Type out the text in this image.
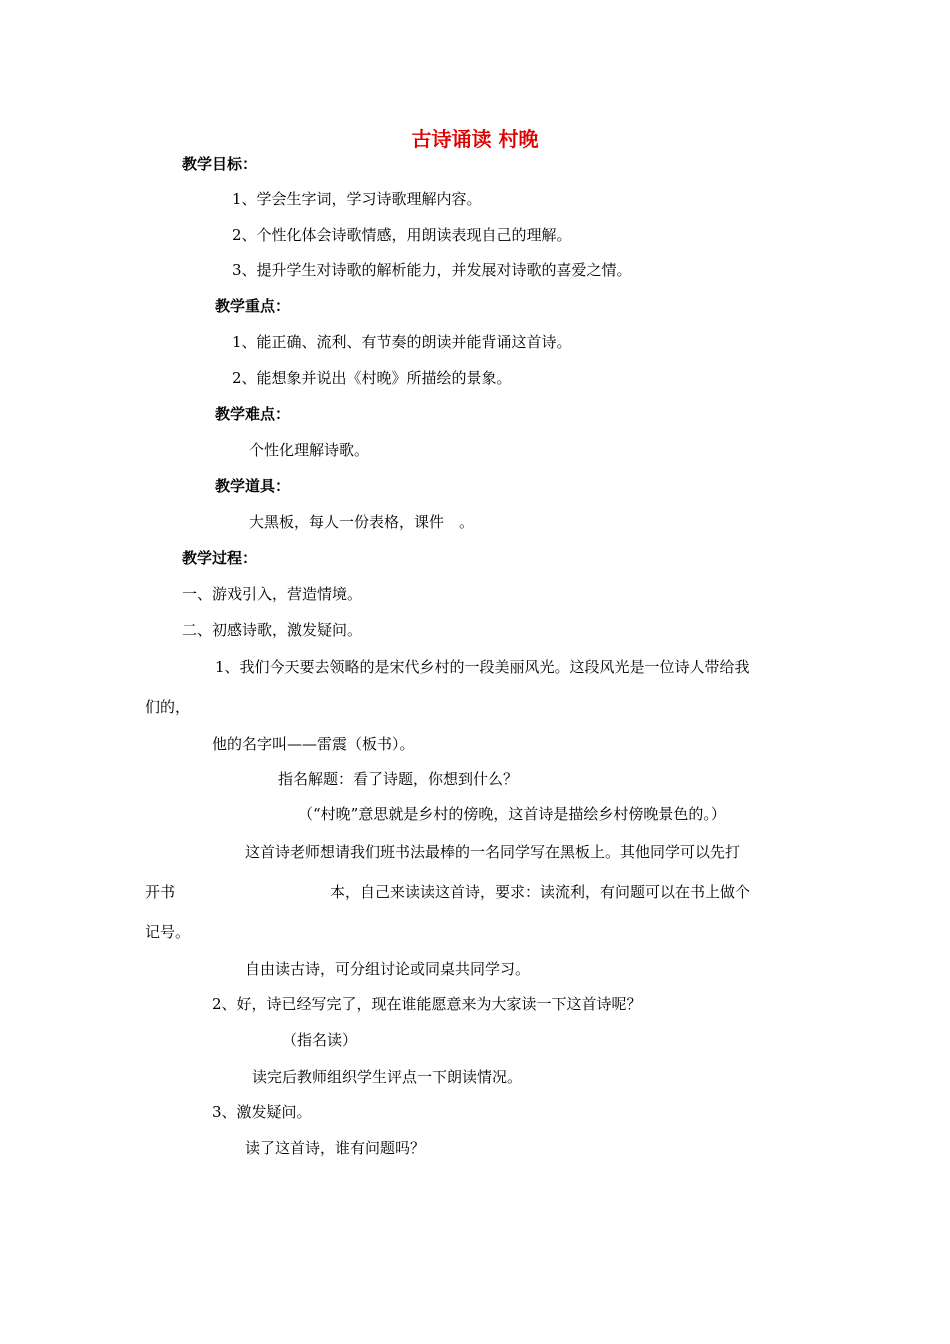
古诗诵读 村晚
教学目标：
1、学会生字词，学习诗歌理解内容。
2、个性化体会诗歌情感，用朗读表现自己的理解。
3、提升学生对诗歌的解析能力，并发展对诗歌的喜爱之情。
教学重点：
1、能正确、流利、有节奏的朗读并能背诵这首诗。
2、能想象并说出《村晚》所描绘的景象。
教学难点：
个性化理解诗歌。
教学道具：
大黑板，每人一份表格，课件　。
教学过程：
一、游戏引入，营造情境。
二、初感诗歌，激发疑问。
1、我们今天要去领略的是宋代乡村的一段美丽风光。这段风光是一位诗人带给我
们的，
他的名字叫——雷震（板书）。
指名解题：看了诗题，你想到什么？
（“村晚”意思就是乡村的傍晚，这首诗是描绘乡村傍晚景色的。）
这首诗老师想请我们班书法最棒的一名同学写在黑板上。其他同学可以先打
开书	本，自己来读读这首诗，要求：读流利，有问题可以在书上做个
记号。
自由读古诗，可分组讨论或同桌共同学习。
2、好，诗已经写完了，现在谁能愿意来为大家读一下这首诗呢？
（指名读）
读完后教师组织学生评点一下朗读情况。
3、激发疑问。
读了这首诗，谁有问题吗？
